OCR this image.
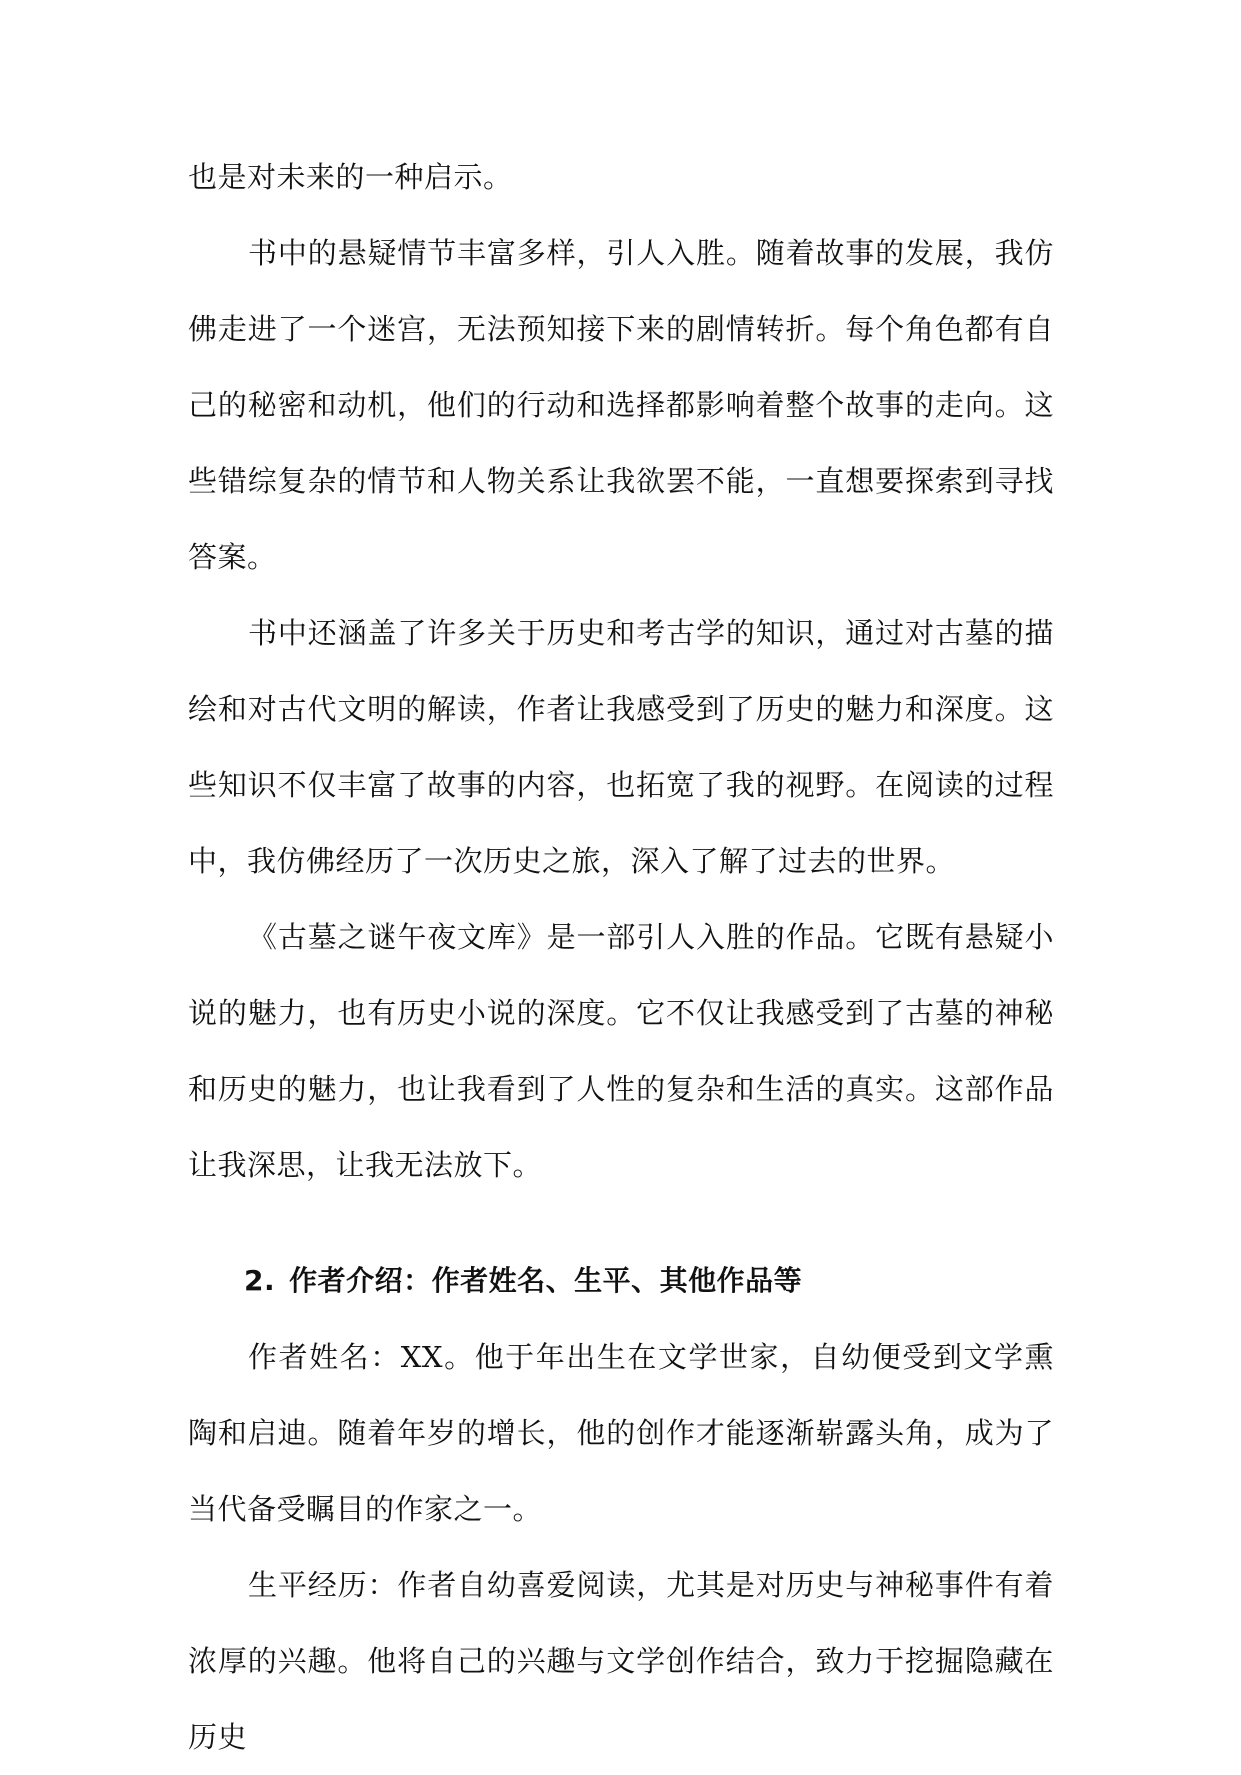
也是对未来的一种启示。

书中的悬疑情节丰富多样，引人入胜。随着故事的发展，我仿佛走进了一个迷宫，无法预知接下来的剧情转折。每个角色都有自己的秘密和动机，他们的行动和选择都影响着整个故事的走向。这些错综复杂的情节和人物关系让我欲罢不能，一直想要探索到寻找答案。

书中还涵盖了许多关于历史和考古学的知识，通过对古墓的描绘和对古代文明的解读，作者让我感受到了历史的魅力和深度。这些知识不仅丰富了故事的内容，也拓宽了我的视野。在阅读的过程中，我仿佛经历了一次历史之旅，深入了解了过去的世界。

《古墓之谜午夜文库》是一部引人入胜的作品。它既有悬疑小说的魅力，也有历史小说的深度。它不仅让我感受到了古墓的神秘和历史的魅力，也让我看到了人性的复杂和生活的真实。这部作品让我深思，让我无法放下。

2. 作者介绍：作者姓名、生平、其他作品等

作者姓名：XX。他于年出生在文学世家，自幼便受到文学熏陶和启迪。随着年岁的增长，他的创作才能逐渐崭露头角，成为了当代备受瞩目的作家之一。

生平经历：作者自幼喜爱阅读，尤其是对历史与神秘事件有着浓厚的兴趣。他将自己的兴趣与文学创作结合，致力于挖掘隐藏在历史
